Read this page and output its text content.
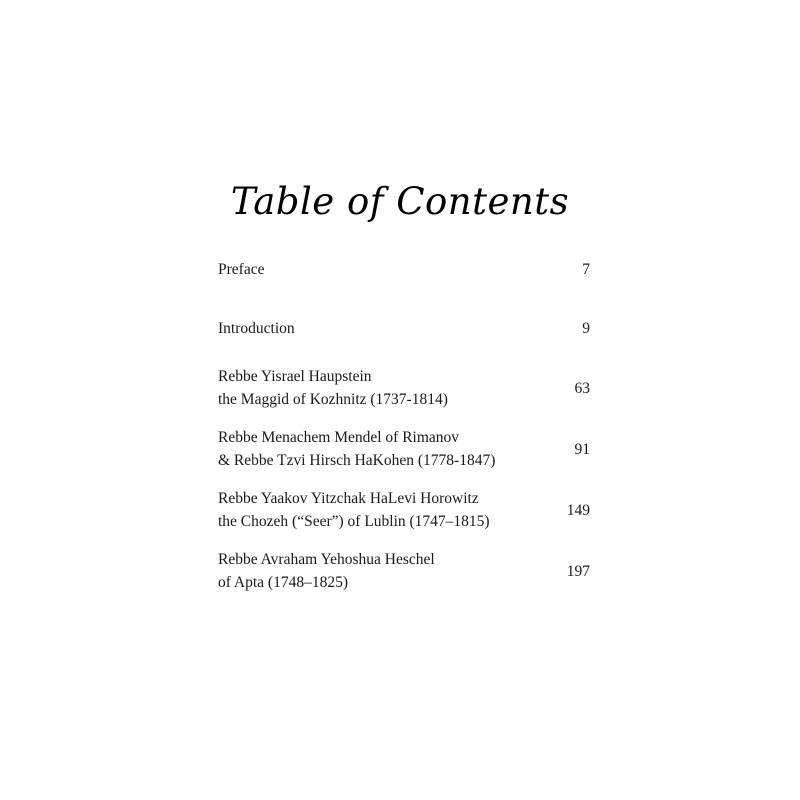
Table of Contents
Preface	7
Introduction	9
Rebbe Yisrael Haupstein
the Maggid of Kozhnitz (1737-1814)
63
Rebbe Menachem Mendel of Rimanov
& Rebbe Tzvi Hirsch HaKohen (1778-1847)
91
Rebbe Yaakov Yitzchak HaLevi Horowitz
the Chozeh (“Seer”) of Lublin (1747–1815)
149
Rebbe Avraham Yehoshua Heschel
of Apta (1748–1825)
197
